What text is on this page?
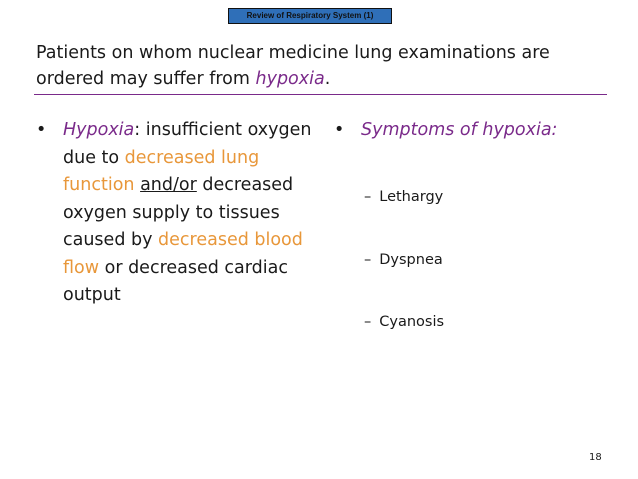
Review of Respiratory System (1)
Patients on whom nuclear medicine lung examinations are ordered may suffer from hypoxia.
• Hypoxia: insufficient oxygen due to decreased lung function and/or decreased oxygen supply to tissues caused by decreased blood flow or decreased cardiac output
• Symptoms of hypoxia:
– Lethargy
– Dyspnea
– Cyanosis
18
